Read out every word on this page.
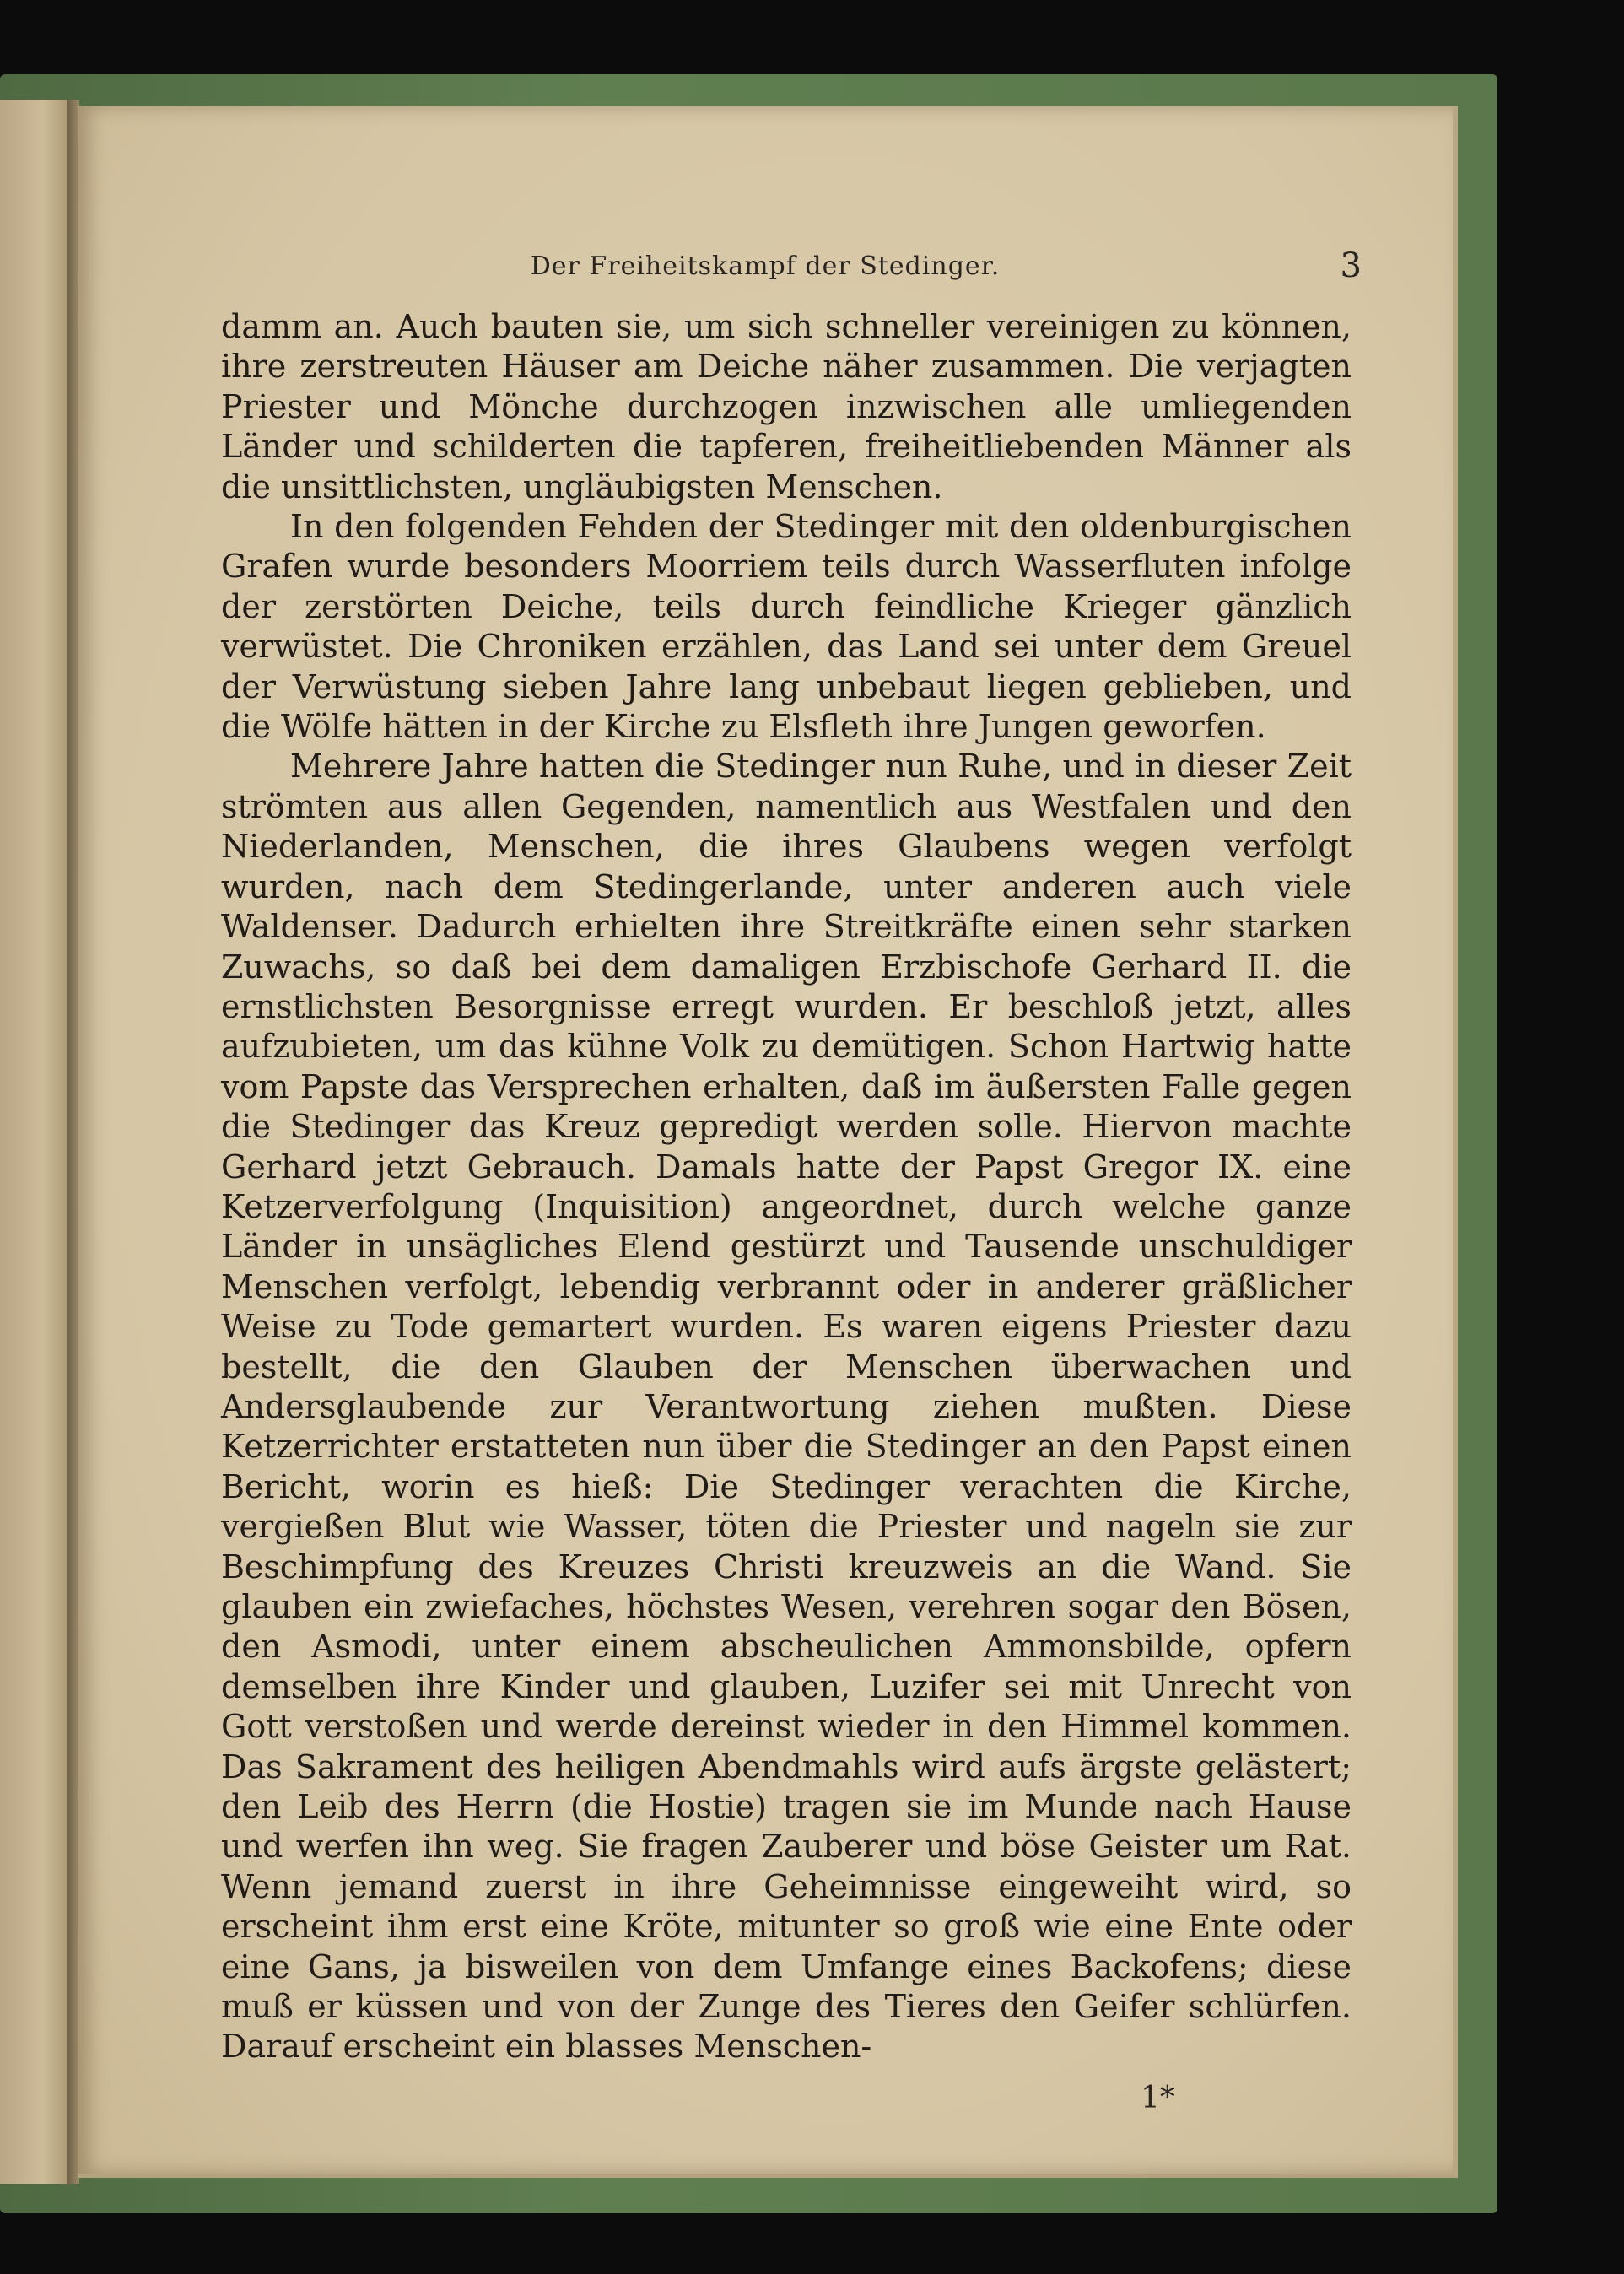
Der Freiheitskampf der Stedinger.	3

damm an. Auch bauten sie, um sich schneller vereinigen zu können, ihre zerstreuten Häuser am Deiche näher zusammen. Die verjagten Priester und Mönche durchzogen inzwischen alle umliegenden Länder und schilderten die tapferen, freiheitliebenden Männer als die unsittlichsten, ungläubigsten Menschen.

In den folgenden Fehden der Stedinger mit den oldenburgischen Grafen wurde besonders Moorriem teils durch Wasserfluten infolge der zerstörten Deiche, teils durch feindliche Krieger gänzlich verwüstet. Die Chroniken erzählen, das Land sei unter dem Greuel der Verwüstung sieben Jahre lang unbebaut liegen geblieben, und die Wölfe hätten in der Kirche zu Elsfleth ihre Jungen geworfen.

Mehrere Jahre hatten die Stedinger nun Ruhe, und in dieser Zeit strömten aus allen Gegenden, namentlich aus Westfalen und den Niederlanden, Menschen, die ihres Glaubens wegen verfolgt wurden, nach dem Stedingerlande, unter anderen auch viele Waldenser. Dadurch erhielten ihre Streitkräfte einen sehr starken Zuwachs, so daß bei dem damaligen Erzbischofe Gerhard II. die ernstlichsten Besorgnisse erregt wurden. Er beschloß jetzt, alles aufzubieten, um das kühne Volk zu demütigen. Schon Hartwig hatte vom Papste das Versprechen erhalten, daß im äußersten Falle gegen die Stedinger das Kreuz gepredigt werden solle. Hiervon machte Gerhard jetzt Gebrauch. Damals hatte der Papst Gregor IX. eine Ketzerverfolgung (Inquisition) angeordnet, durch welche ganze Länder in unsägliches Elend gestürzt und Tausende unschuldiger Menschen verfolgt, lebendig verbrannt oder in anderer gräßlicher Weise zu Tode gemartert wurden. Es waren eigens Priester dazu bestellt, die den Glauben der Menschen überwachen und Andersglaubende zur Verantwortung ziehen mußten. Diese Ketzerrichter erstatteten nun über die Stedinger an den Papst einen Bericht, worin es hieß: Die Stedinger verachten die Kirche, vergießen Blut wie Wasser, töten die Priester und nageln sie zur Beschimpfung des Kreuzes Christi kreuzweis an die Wand. Sie glauben ein zwiefaches, höchstes Wesen, verehren sogar den Bösen, den Asmodi, unter einem abscheulichen Ammonsbilde, opfern demselben ihre Kinder und glauben, Luzifer sei mit Unrecht von Gott verstoßen und werde dereinst wieder in den Himmel kommen. Das Sakrament des heiligen Abendmahls wird aufs ärgste gelästert; den Leib des Herrn (die Hostie) tragen sie im Munde nach Hause und werfen ihn weg. Sie fragen Zauberer und böse Geister um Rat. Wenn jemand zuerst in ihre Geheimnisse eingeweiht wird, so erscheint ihm erst eine Kröte, mitunter so groß wie eine Ente oder eine Gans, ja bisweilen von dem Umfange eines Backofens; diese muß er küssen und von der Zunge des Tieres den Geifer schlürfen. Darauf erscheint ein blasses Menschen-

1*
